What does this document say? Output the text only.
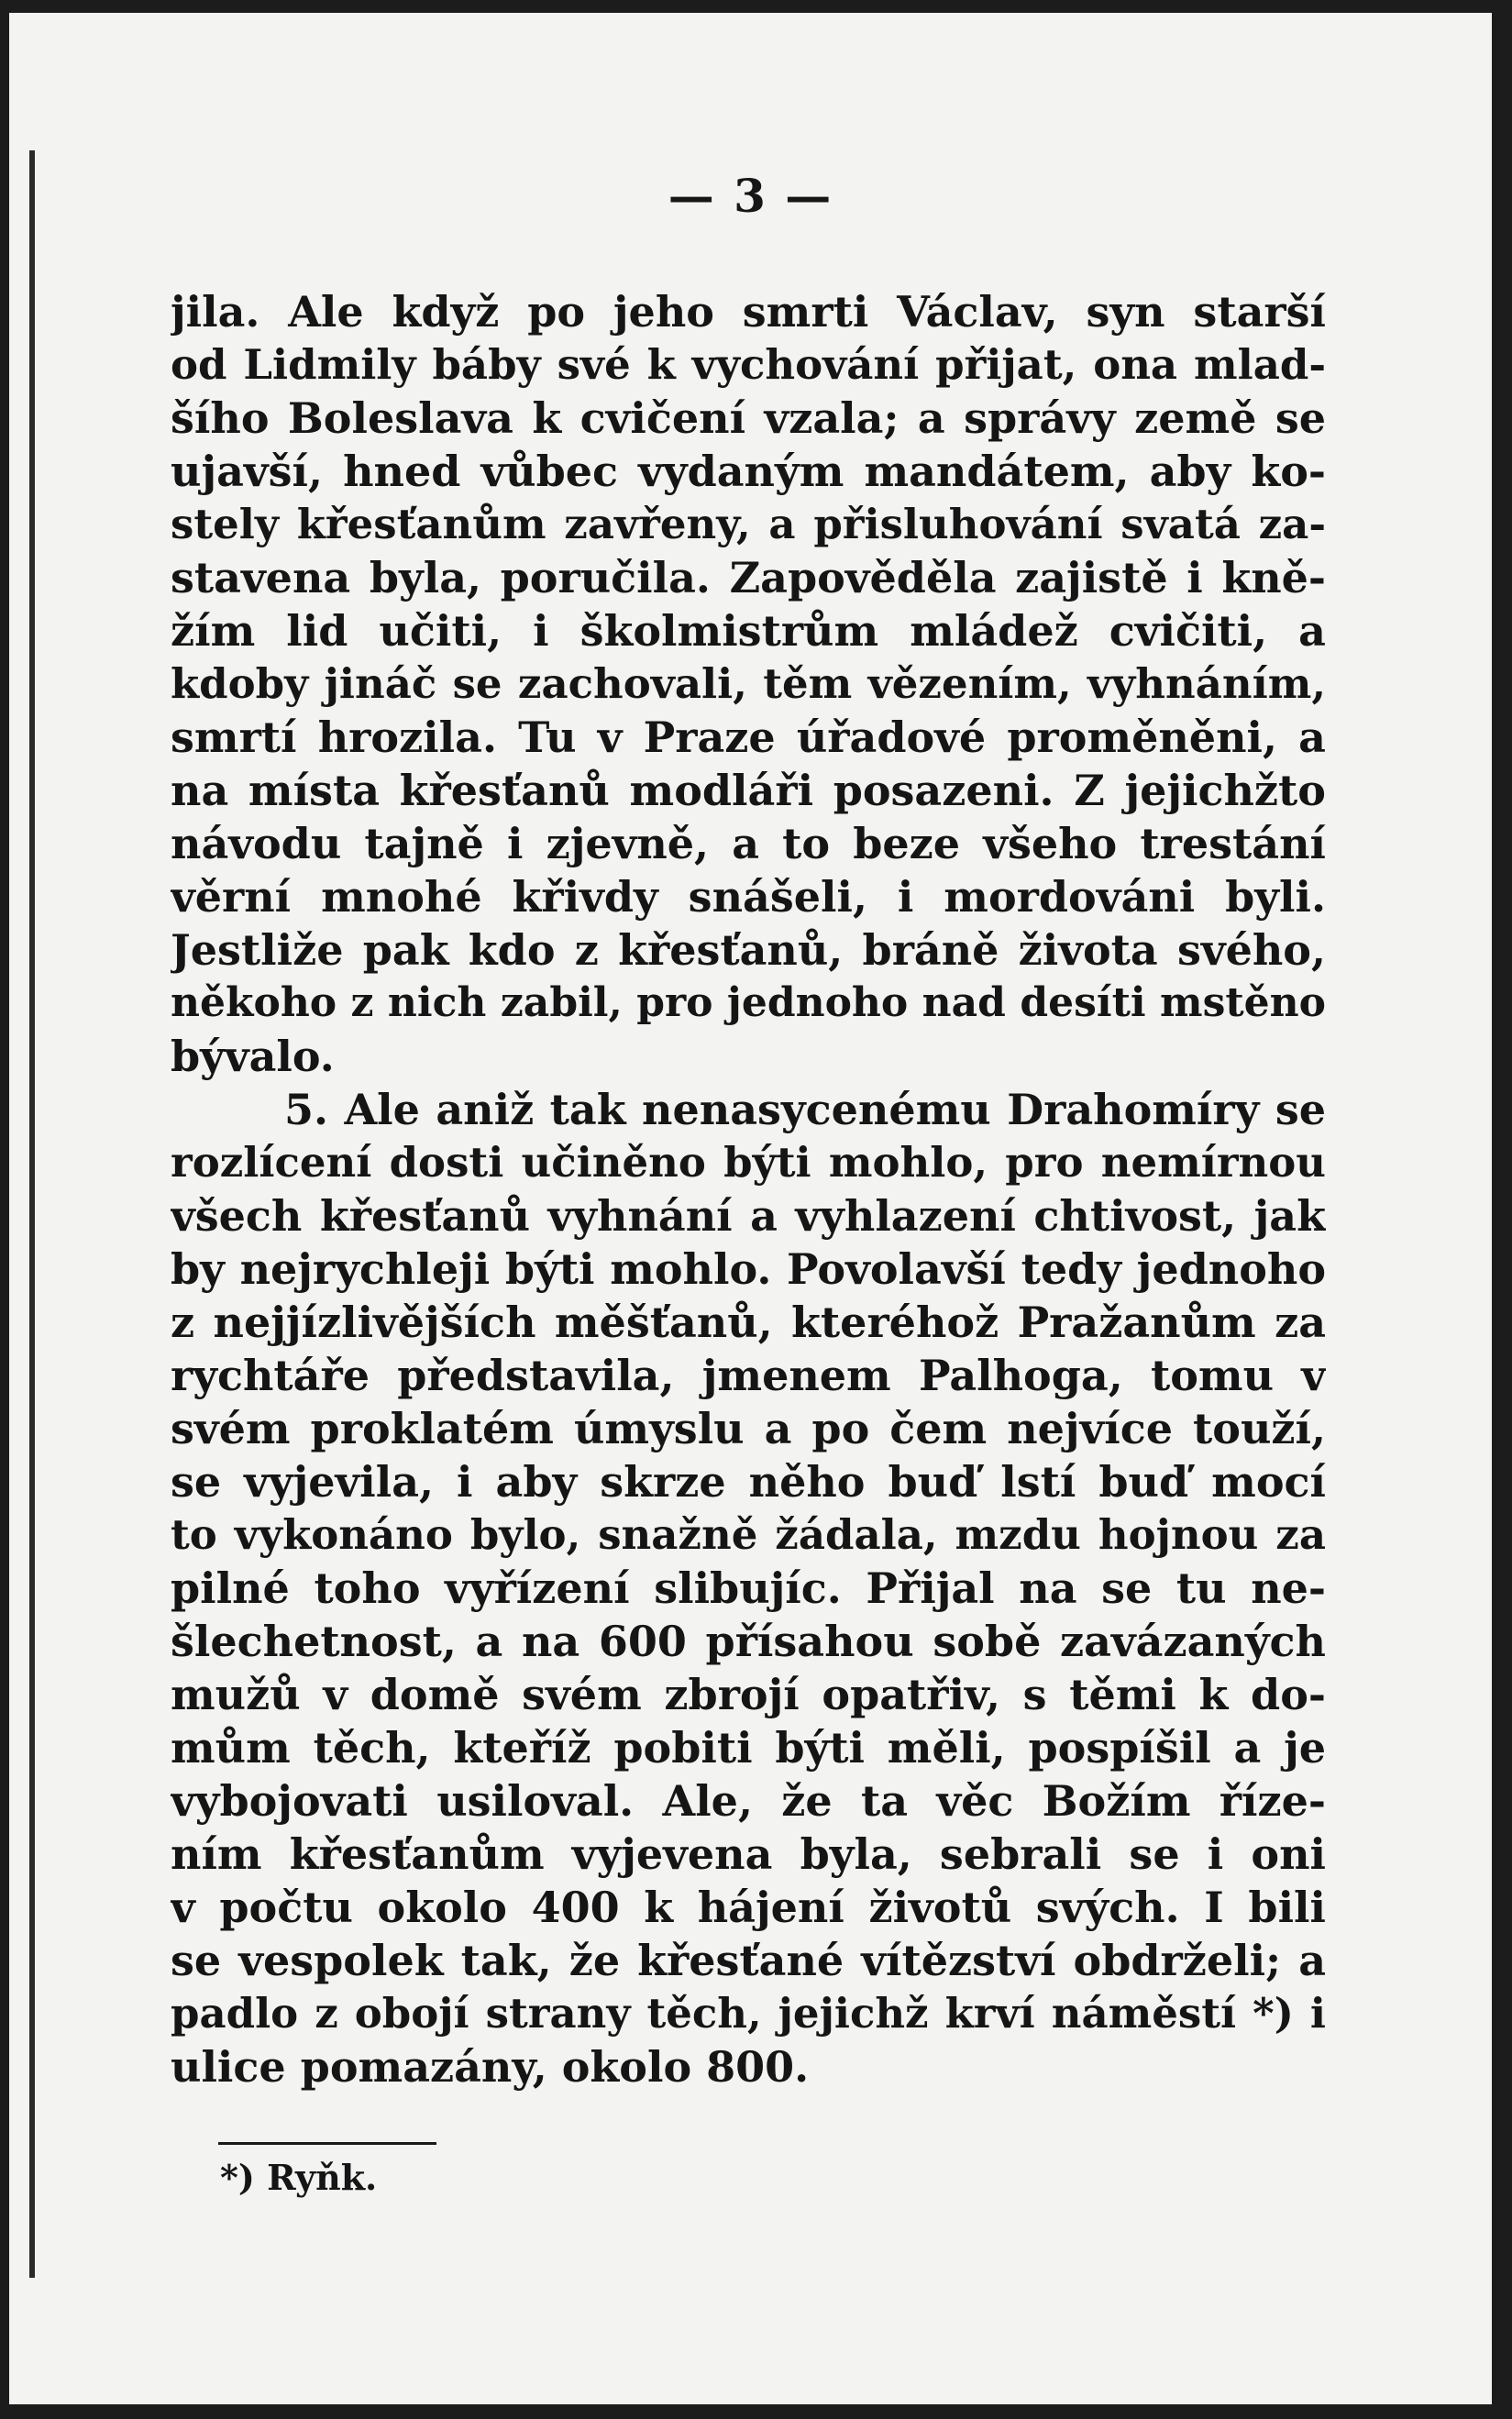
— 3 —
jila. Ale když po jeho smrti Václav, syn starší
od Lidmily báby své k vychování přijat, ona mlad-
šího Boleslava k cvičení vzala; a správy země se
ujavší, hned vůbec vydaným mandátem, aby ko-
stely křesťanům zavřeny, a přisluhování svatá za-
stavena byla, poručila. Zapověděla zajistě i kně-
žím lid učiti, i školmistrům mládež cvičiti, a
kdoby jináč se zachovali, těm vězením, vyhnáním,
smrtí hrozila. Tu v Praze úřadové proměněni, a
na místa křesťanů modláři posazeni. Z jejichžto
návodu tajně i zjevně, a to beze všeho trestání
věrní mnohé křivdy snášeli, i mordováni byli.
Jestliže pak kdo z křesťanů, bráně života svého,
někoho z nich zabil, pro jednoho nad desíti mstěno
bývalo.
5. Ale aniž tak nenasycenému Drahomíry se
rozlícení dosti učiněno býti mohlo, pro nemírnou
všech křesťanů vyhnání a vyhlazení chtivost, jak
by nejrychleji býti mohlo. Povolavší tedy jednoho
z nejjízlivějších měšťanů, kteréhož Pražanům za
rychtáře představila, jmenem Palhoga, tomu v
svém proklatém úmyslu a po čem nejvíce touží,
se vyjevila, i aby skrze něho buď lstí buď mocí
to vykonáno bylo, snažně žádala, mzdu hojnou za
pilné toho vyřízení slibujíc. Přijal na se tu ne-
šlechetnost, a na 600 přísahou sobě zavázaných
mužů v domě svém zbrojí opatřiv, s těmi k do-
mům těch, kteříž pobiti býti měli, pospíšil a je
vybojovati usiloval. Ale, že ta věc Božím říze-
ním křesťanům vyjevena byla, sebrali se i oni
v počtu okolo 400 k hájení životů svých. I bili
se vespolek tak, že křesťané vítězství obdrželi; a
padlo z obojí strany těch, jejichž krví náměstí *) i
ulice pomazány, okolo 800.
*) Ryňk.
